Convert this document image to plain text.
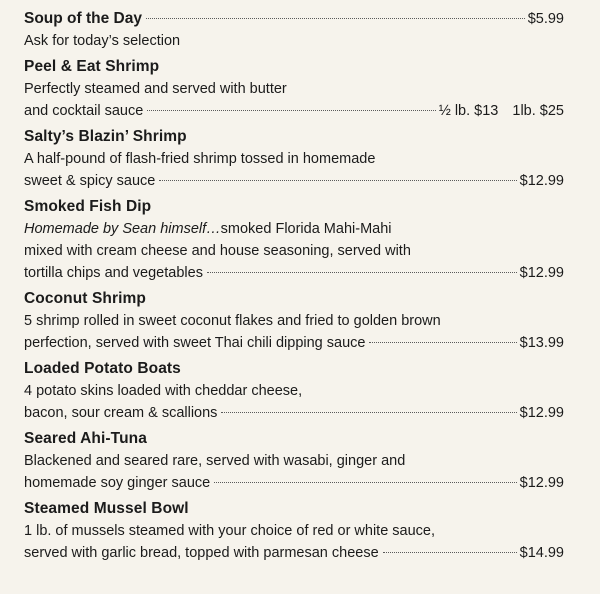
Soup of the Day	$5.99
Ask for today’s selection
Peel & Eat Shrimp
Perfectly steamed and served with butter
and cocktail sauce	½ lb. $13 1lb. $25
Salty’s Blazin’ Shrimp
A half-pound of flash-fried shrimp tossed in homemade
sweet & spicy sauce	$12.99
Smoked Fish Dip
Homemade by Sean himself…smoked Florida Mahi-Mahi
mixed with cream cheese and house seasoning, served with
tortilla chips and vegetables	$12.99
Coconut Shrimp
5 shrimp rolled in sweet coconut flakes and fried to golden brown
perfection, served with sweet Thai chili dipping sauce	$13.99
Loaded Potato Boats
4 potato skins loaded with cheddar cheese,
bacon, sour cream & scallions	$12.99
Seared Ahi-Tuna
Blackened and seared rare, served with wasabi, ginger and
homemade soy ginger sauce	$12.99
Steamed Mussel Bowl
1 lb. of mussels steamed with your choice of red or white sauce,
served with garlic bread, topped with parmesan cheese	$14.99
